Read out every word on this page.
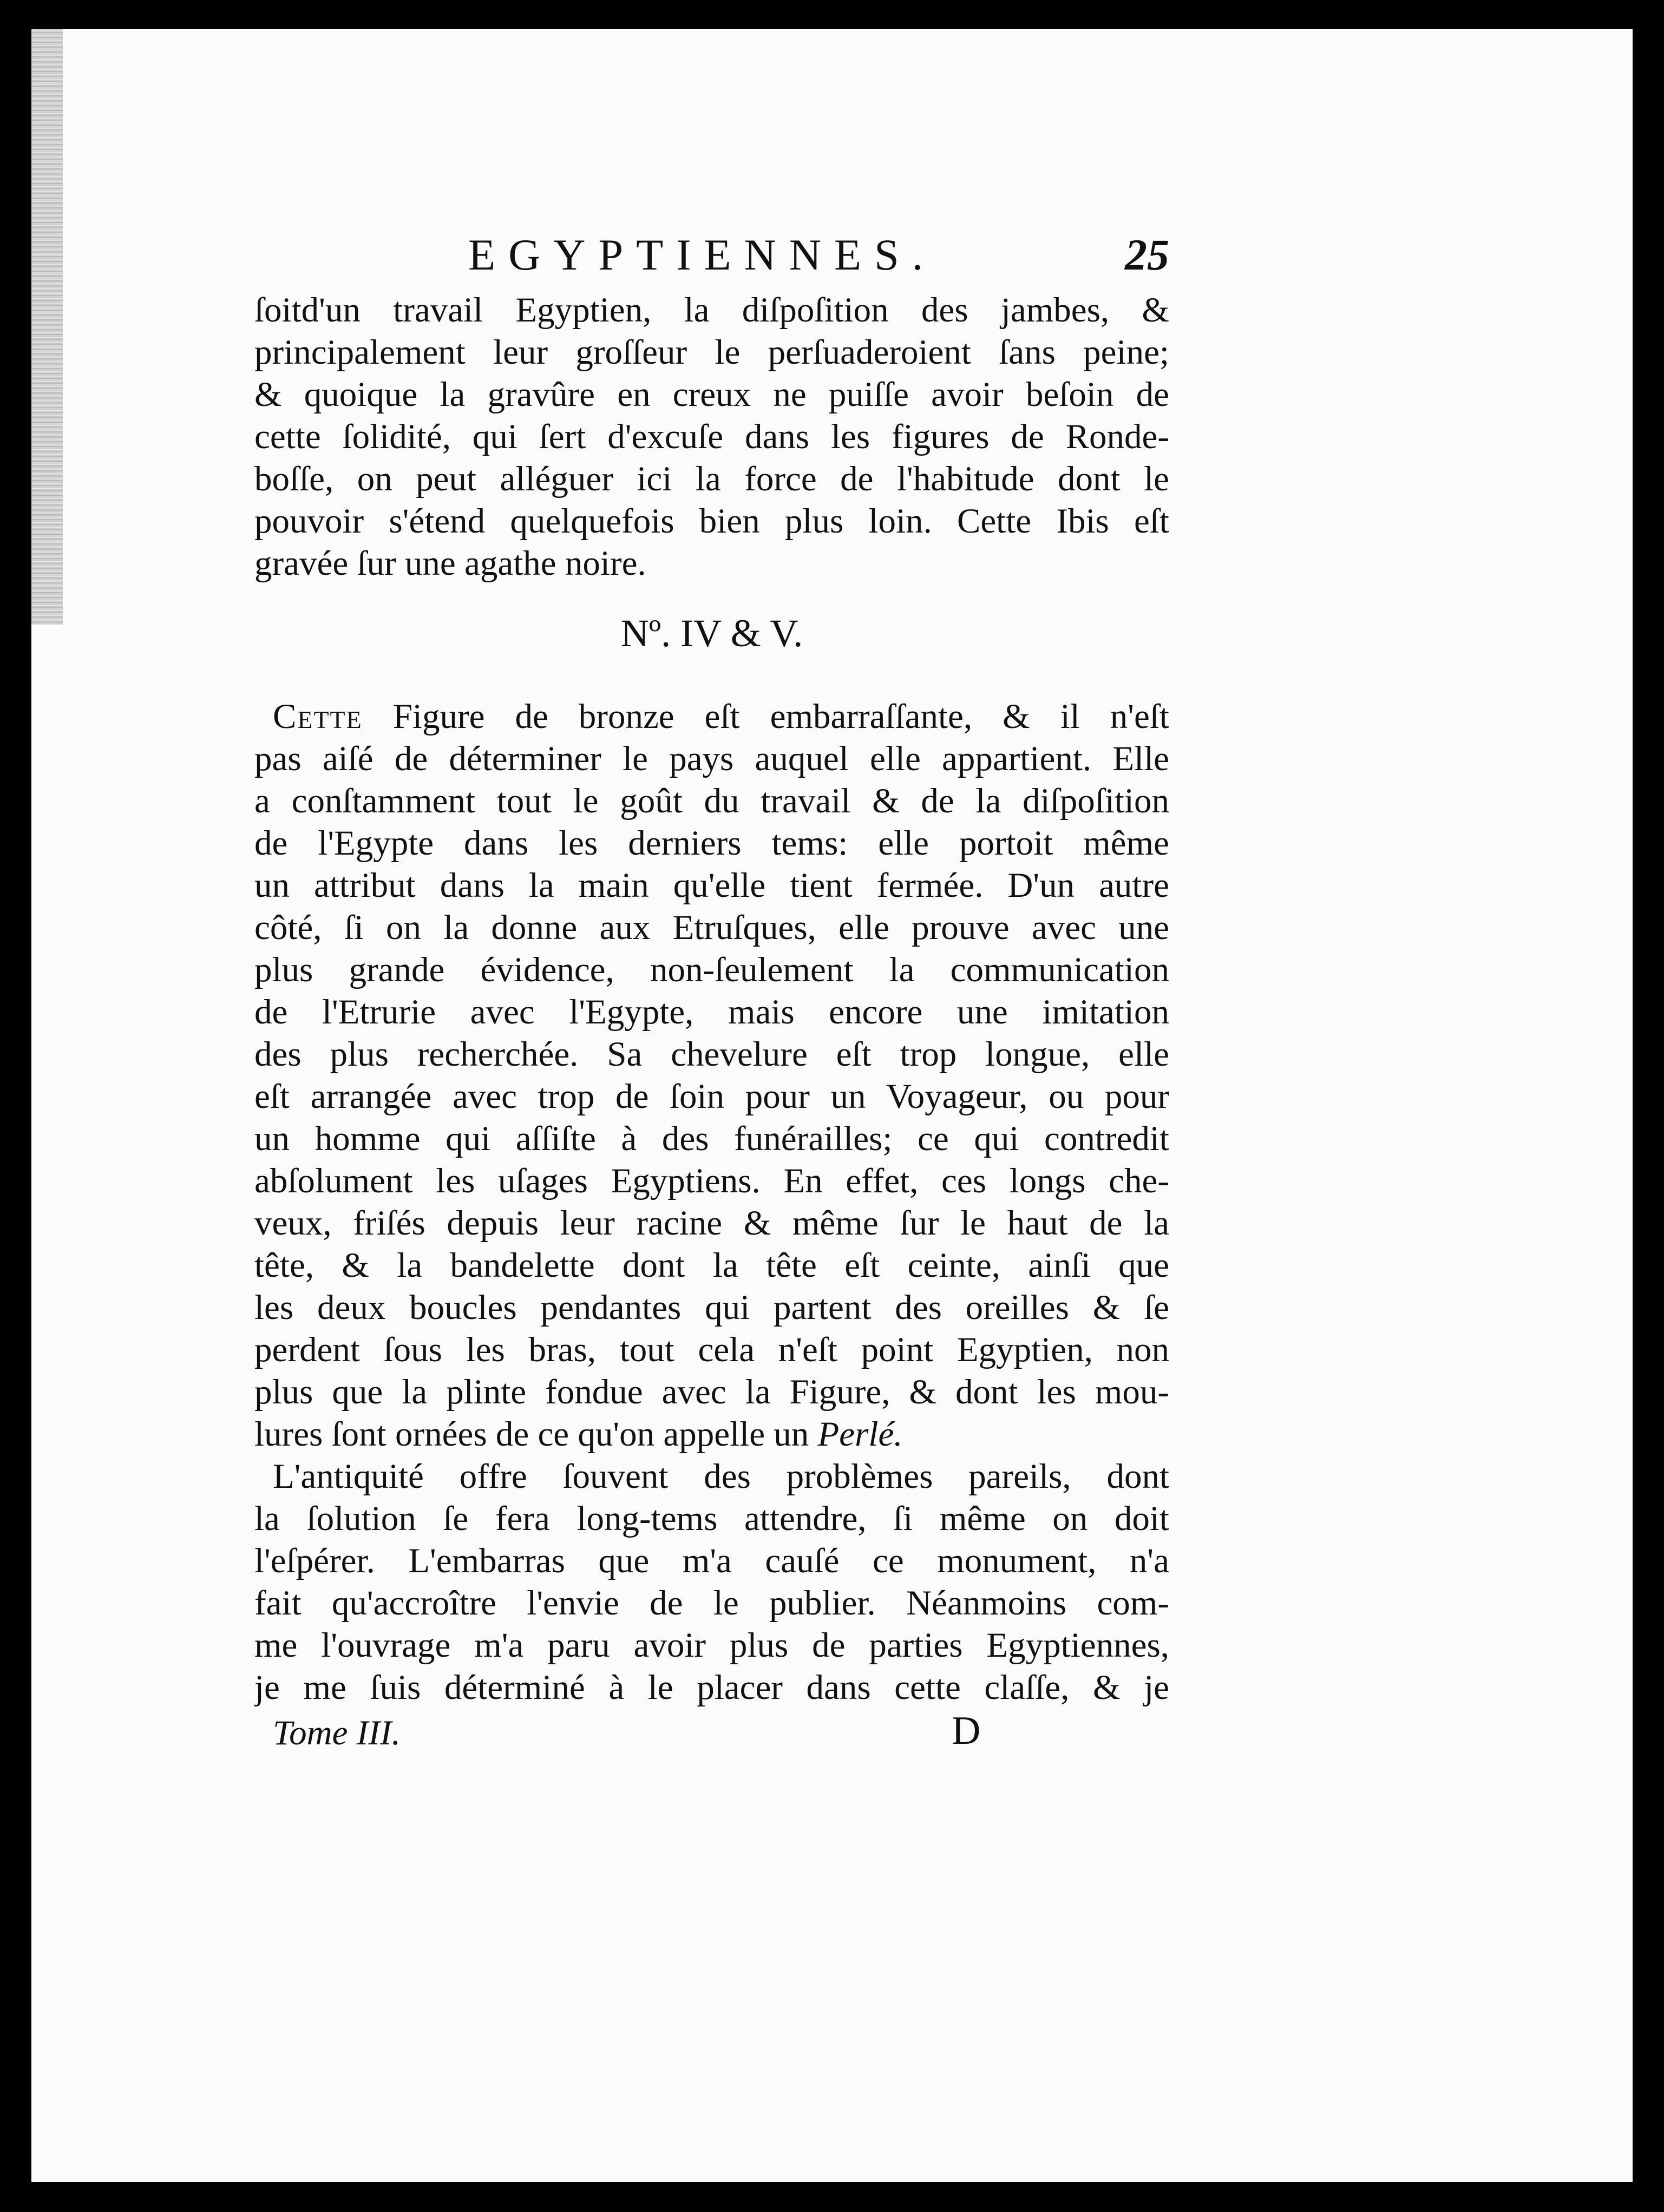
EGYPTIENNES.	25
ſoitd'un travail Egyptien, la diſpoſition des jambes, &
principalement leur groſſeur le perſuaderoient ſans peine;
& quoique la gravûre en creux ne puiſſe avoir beſoin de
cette ſolidité, qui ſert d'excuſe dans les figures de Ronde-
boſſe, on peut alléguer ici la force de l'habitude dont le
pouvoir s'étend quelquefois bien plus loin. Cette Ibis eſt
gravée ſur une agathe noire.
Nº. IV & V.
Cette Figure de bronze eſt embarraſſante, & il n'eſt
pas aiſé de déterminer le pays auquel elle appartient. Elle
a conſtamment tout le goût du travail & de la diſpoſition
de l'Egypte dans les derniers tems: elle portoit même
un attribut dans la main qu'elle tient fermée. D'un autre
côté, ſi on la donne aux Etruſques, elle prouve avec une
plus grande évidence, non-ſeulement la communication
de l'Etrurie avec l'Egypte, mais encore une imitation
des plus recherchée. Sa chevelure eſt trop longue, elle
eſt arrangée avec trop de ſoin pour un Voyageur, ou pour
un homme qui aſſiſte à des funérailles; ce qui contredit
abſolument les uſages Egyptiens. En effet, ces longs che-
veux, friſés depuis leur racine & même ſur le haut de la
tête, & la bandelette dont la tête eſt ceinte, ainſi que
les deux boucles pendantes qui partent des oreilles & ſe
perdent ſous les bras, tout cela n'eſt point Egyptien, non
plus que la plinte fondue avec la Figure, & dont les mou-
lures ſont ornées de ce qu'on appelle un Perlé.
L'antiquité offre ſouvent des problèmes pareils, dont
la ſolution ſe fera long-tems attendre, ſi même on doit
l'eſpérer. L'embarras que m'a cauſé ce monument, n'a
fait qu'accroître l'envie de le publier. Néanmoins com-
me l'ouvrage m'a paru avoir plus de parties Egyptiennes,
je me ſuis déterminé à le placer dans cette claſſe, & je
Tome III.	D
